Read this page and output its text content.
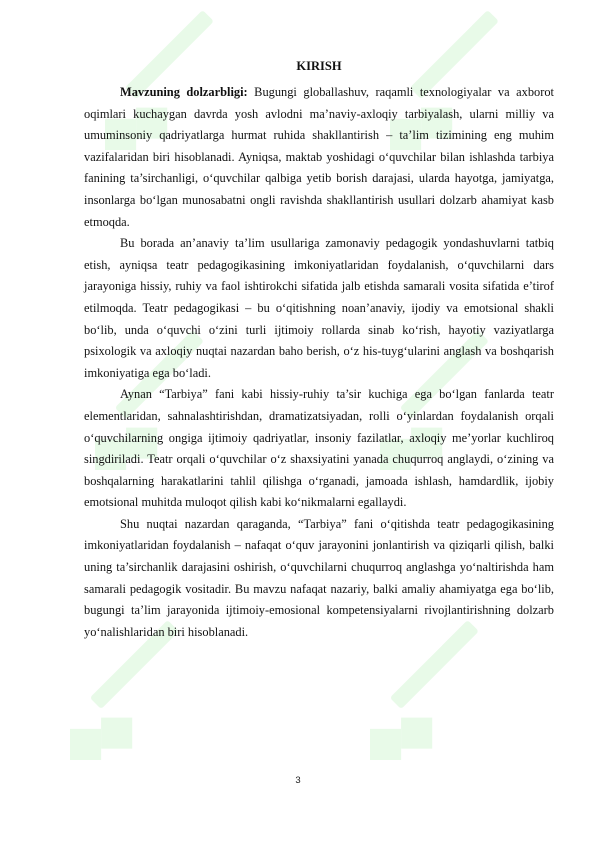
KIRISH

Mavzuning dolzarbligi: Bugungi globallashuv, raqamli texnologiyalar va axborot oqimlari kuchaygan davrda yosh avlodni ma’naviy-axloqiy tarbiyalash, ularni milliy va umuminsoniy qadriyatlarga hurmat ruhida shakllantirish – ta’lim tizimining eng muhim vazifalaridan biri hisoblanadi. Ayniqsa, maktab yoshidagi o‘quvchilar bilan ishlashda tarbiya fanining ta’sirchanligi, o‘quvchilar qalbiga yetib borish darajasi, ularda hayotga, jamiyatga, insonlarga bo‘lgan munosabatni ongli ravishda shakllantirish usullari dolzarb ahamiyat kasb etmoqda.

Bu borada an’anaviy ta’lim usullariga zamonaviy pedagogik yondashuvlarni tatbiq etish, ayniqsa teatr pedagogikasining imkoniyatlaridan foydalanish, o‘quvchilarni dars jarayoniga hissiy, ruhiy va faol ishtirokchi sifatida jalb etishda samarali vosita sifatida e’tirof etilmoqda. Teatr pedagogikasi – bu o‘qitishning noan’anaviy, ijodiy va emotsional shakli bo‘lib, unda o‘quvchi o‘zini turli ijtimoiy rollarda sinab ko‘rish, hayotiy vaziyatlarga psixologik va axloqiy nuqtai nazardan baho berish, o‘z his-tuyg‘ularini anglash va boshqarish imkoniyatiga ega bo‘ladi.

Aynan “Tarbiya” fani kabi hissiy-ruhiy ta’sir kuchiga ega bo‘lgan fanlarda teatr elementlaridan, sahnalashtirishdan, dramatizatsiyadan, rolli o‘yinlardan foydalanish orqali o‘quvchilarning ongiga ijtimoiy qadriyatlar, insoniy fazilatlar, axloqiy me’yorlar kuchliroq singdiriladi. Teatr orqali o‘quvchilar o‘z shaxsiyatini yanada chuqurroq anglaydi, o‘zining va boshqalarning harakatlarini tahlil qilishga o‘rganadi, jamoada ishlash, hamdardlik, ijobiy emotsional muhitda muloqot qilish kabi ko‘nikmalarni egallaydi.

Shu nuqtai nazardan qaraganda, “Tarbiya” fani o‘qitishda teatr pedagogikasining imkoniyatlaridan foydalanish – nafaqat o‘quv jarayonini jonlantirish va qiziqarli qilish, balki uning ta’sirchanlik darajasini oshirish, o‘quvchilarni chuqurroq anglashga yo‘naltirishda ham samarali pedagogik vositadir. Bu mavzu nafaqat nazariy, balki amaliy ahamiyatga ega bo‘lib, bugungi ta’lim jarayonida ijtimoiy-emosional kompetensiyalarni rivojlantirishning dolzarb yo‘nalishlaridan biri hisoblanadi.

3
